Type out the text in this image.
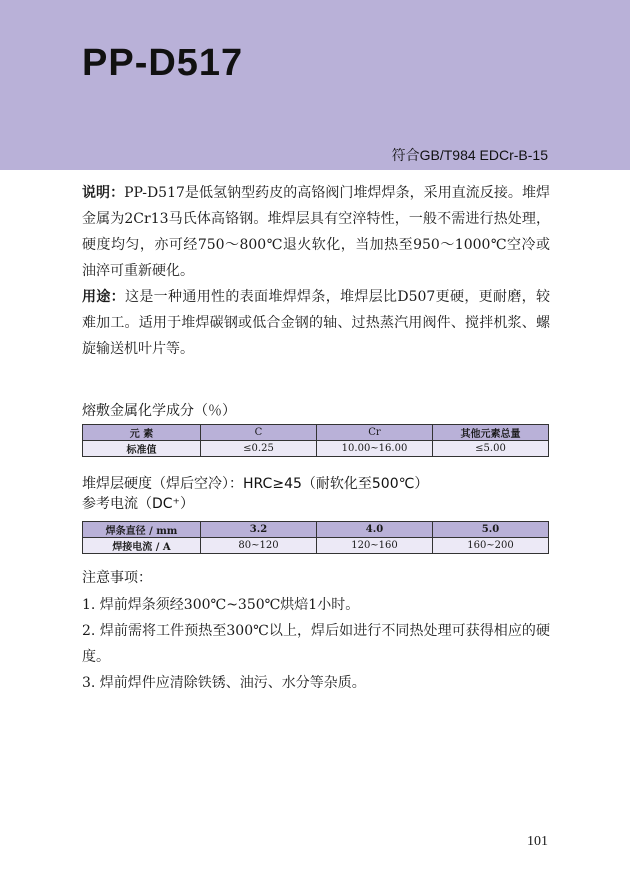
PP-D517
符合GB/T984 EDCr-B-15

说明：PP-D517是低氢钠型药皮的高铬阀门堆焊焊条，采用直流反接。堆焊金属为2Cr13马氏体高铬钢。堆焊层具有空淬特性，一般不需进行热处理，硬度均匀，亦可经750～800℃退火软化，当加热至950～1000℃空冷或油淬可重新硬化。

用途：这是一种通用性的表面堆焊焊条，堆焊层比D507更硬，更耐磨，较难加工。适用于堆焊碳钢或低合金钢的轴、过热蒸汽用阀件、搅拌机浆、螺旋输送机叶片等。

熔敷金属化学成分（％）
元 素	C	Cr	其他元素总量
标准值	≤0.25	10.00~16.00	≤5.00
堆焊层硬度（焊后空冷）：HRC≥45（耐软化至500℃）
参考电流（DC⁺）
焊条直径 / mm	3.2	4.0	5.0
焊接电流 / A	80~120	120~160	160~200
注意事项：
1. 焊前焊条须经300℃~350℃烘焙1小时。
2. 焊前需将工件预热至300℃以上，焊后如进行不同热处理可获得相应的硬度。
3. 焊前焊件应清除铁锈、油污、水分等杂质。
101
